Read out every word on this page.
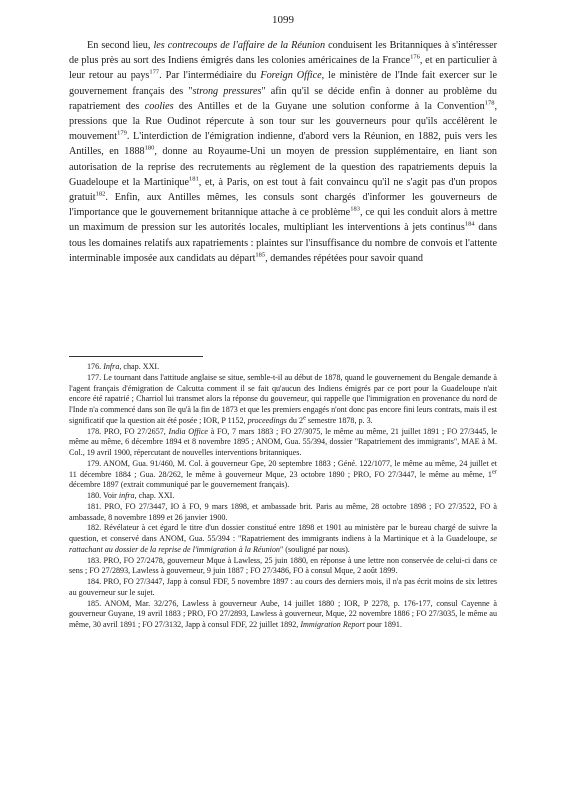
1099

En second lieu, les contrecoups de l'affaire de la Réunion conduisent les Britanniques à s'intéresser de plus près au sort des Indiens émigrés dans les colonies américaines de la France$^{176}$, et en particulier à leur retour au pays$^{177}$. Par l'intermédiaire du Foreign Office, le ministère de l'Inde fait exercer sur le gouvernement français des "strong pressures" afin qu'il se décide enfin à donner au problème du rapatriement des coolies des Antilles et de la Guyane une solution conforme à la Convention$^{178}$, pressions que la Rue Oudinot répercute à son tour sur les gouverneurs pour qu'ils accélèrent le mouvement$^{179}$. L'interdiction de l'émigration indienne, d'abord vers la Réunion, en 1882, puis vers les Antilles, en 1888$^{180}$, donne au Royaume-Uni un moyen de pression supplémentaire, en liant son autorisation de la reprise des recrutements au règlement de la question des rapatriements depuis la Guadeloupe et la Martinique$^{181}$, et, à Paris, on est tout à fait convaincu qu'il ne s'agit pas d'un propos gratuit$^{182}$. Enfin, aux Antilles mêmes, les consuls sont chargés d'informer les gouverneurs de l'importance que le gouvernement britannique attache à ce problème$^{183}$, ce qui les conduit alors à mettre un maximum de pression sur les autorités locales, multipliant les interventions à jets continus$^{184}$ dans tous les domaines relatifs aux rapatriements : plaintes sur l'insuffisance du nombre de convois et l'attente interminable imposée aux candidats au départ$^{185}$, demandes répétées pour savoir quand

176. Infra, chap. XXI.

177. Le tournant dans l'attitude anglaise se situe, semble-t-il au début de 1878, quand le gouvernement du Bengale demande à l'agent français d'émigration de Calcutta comment il se fait qu'aucun des Indiens émigrés par ce port pour la Guadeloupe n'ait encore été rapatrié ; Charriol lui transmet alors la réponse du gouverneur, qui rappelle que l'immigration en provenance du nord de l'Inde n'a commencé dans son île qu'à la fin de 1873 et que les premiers engagés n'ont donc pas encore fini leurs contrats, mais il est significatif que la question ait été posée ; IOR, P 1152, proceedings du 2e semestre 1878, p. 3.

178. PRO, FO 27/2657, India Office à FO, 7 mars 1883 ; FO 27/3075, le même au même, 21 juillet 1891 ; FO 27/3445, le même au même, 6 décembre 1894 et 8 novembre 1895 ; ANOM, Gua. 55/394, dossier "Rapatriement des immigrants", MAE à M. Col., 19 avril 1900, répercutant de nouvelles interventions britanniques.

179. ANOM, Gua. 91/460, M. Col. à gouverneur Gpe, 20 septembre 1883 ; Géné. 122/1077, le même au même, 24 juillet et 11 décembre 1884 ; Gua. 28/262, le même à gouverneur Mque, 23 octobre 1890 ; PRO, FO 27/3447, le même au même, 1er décembre 1897 (extrait communiqué par le gouvernement français).

180. Voir infra, chap. XXI.

181. PRO, FO 27/3447, IO à FO, 9 mars 1898, et ambassade brit. Paris au même, 28 octobre 1898 ; FO 27/3522, FO à ambassade, 8 novembre 1899 et 26 janvier 1900.

182. Révélateur à cet égard le titre d'un dossier constitué entre 1898 et 1901 au ministère par le bureau chargé de suivre la question, et conservé dans ANOM, Gua. 55/394 : "Rapatriement des immigrants indiens à la Martinique et à la Guadeloupe, se rattachant au dossier de la reprise de l'immigration à la Réunion" (souligné par nous).

183. PRO, FO 27/2478, gouverneur Mque à Lawless, 25 juin 1880, en réponse à une lettre non conservée de celui-ci dans ce sens ; FO 27/2893, Lawless à gouverneur, 9 juin 1887 ; FO 27/3486, FO à consul Mque, 2 août 1899.

184. PRO, FO 27/3447, Japp à consul FDF, 5 novembre 1897 : au cours des derniers mois, il n'a pas écrit moins de six lettres au gouverneur sur le sujet.

185. ANOM, Mar. 32/276, Lawless à gouverneur Aube, 14 juillet 1880 ; IOR, P 2278, p. 176-177, consul Cayenne à gouverneur Guyane, 19 avril 1883 ; PRO, FO 27/2893, Lawless à gouverneur, Mque, 22 novembre 1886 ; FO 27/3035, le même au même, 30 avril 1891 ; FO 27/3132, Japp à consul FDF, 22 juillet 1892, Immigration Report pour 1891.
